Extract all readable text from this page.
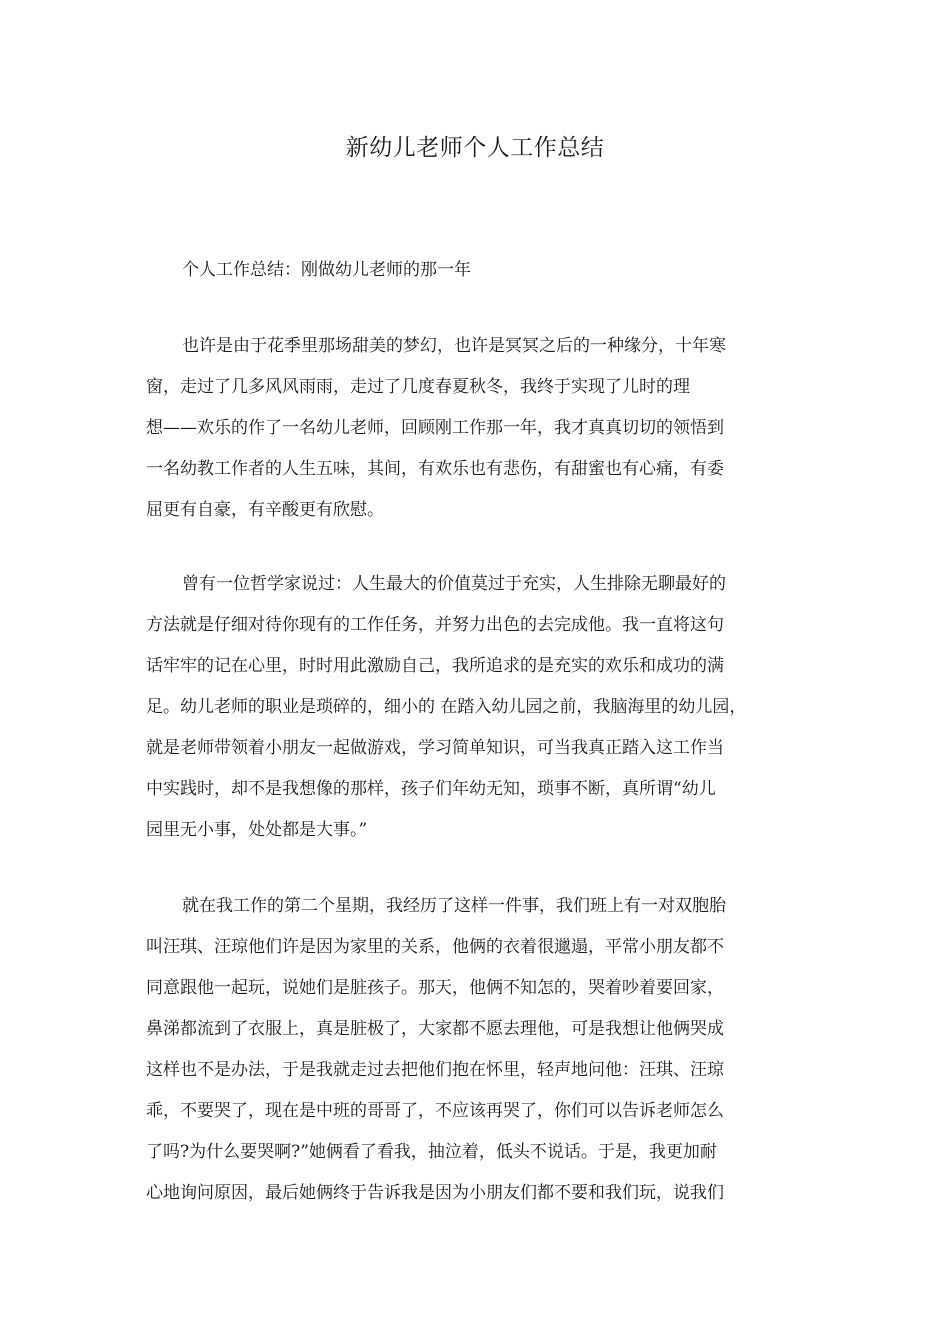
新幼儿老师个人工作总结
个人工作总结：刚做幼儿老师的那一年
也许是由于花季里那场甜美的梦幻，也许是冥冥之后的一种缘分，十年寒
窗，走过了几多风风雨雨，走过了几度春夏秋冬，我终于实现了儿时的理
想——欢乐的作了一名幼儿老师，回顾刚工作那一年，我才真真切切的领悟到
一名幼教工作者的人生五味，其间，有欢乐也有悲伤，有甜蜜也有心痛，有委
屈更有自豪，有辛酸更有欣慰。
曾有一位哲学家说过：人生最大的价值莫过于充实，人生排除无聊最好的
方法就是仔细对待你现有的工作任务，并努力出色的去完成他。我一直将这句
话牢牢的记在心里，时时用此激励自己，我所追求的是充实的欢乐和成功的满
足。幼儿老师的职业是琐碎的，细小的 在踏入幼儿园之前，我脑海里的幼儿园，
就是老师带领着小朋友一起做游戏，学习简单知识，可当我真正踏入这工作当
中实践时，却不是我想像的那样，孩子们年幼无知，琐事不断，真所谓“幼儿
园里无小事，处处都是大事。”
就在我工作的第二个星期，我经历了这样一件事，我们班上有一对双胞胎
叫汪琪、汪琼他们许是因为家里的关系，他俩的衣着很邋遢，平常小朋友都不
同意跟他一起玩，说她们是脏孩子。那天，他俩不知怎的，哭着吵着要回家，
鼻涕都流到了衣服上，真是脏极了，大家都不愿去理他，可是我想让他俩哭成
这样也不是办法，于是我就走过去把他们抱在怀里，轻声地问他：汪琪、汪琼
乖，不要哭了，现在是中班的哥哥了，不应该再哭了，你们可以告诉老师怎么
了吗?为什么要哭啊?”她俩看了看我，抽泣着，低头不说话。于是，我更加耐
心地询问原因，最后她俩终于告诉我是因为小朋友们都不要和我们玩，说我们
